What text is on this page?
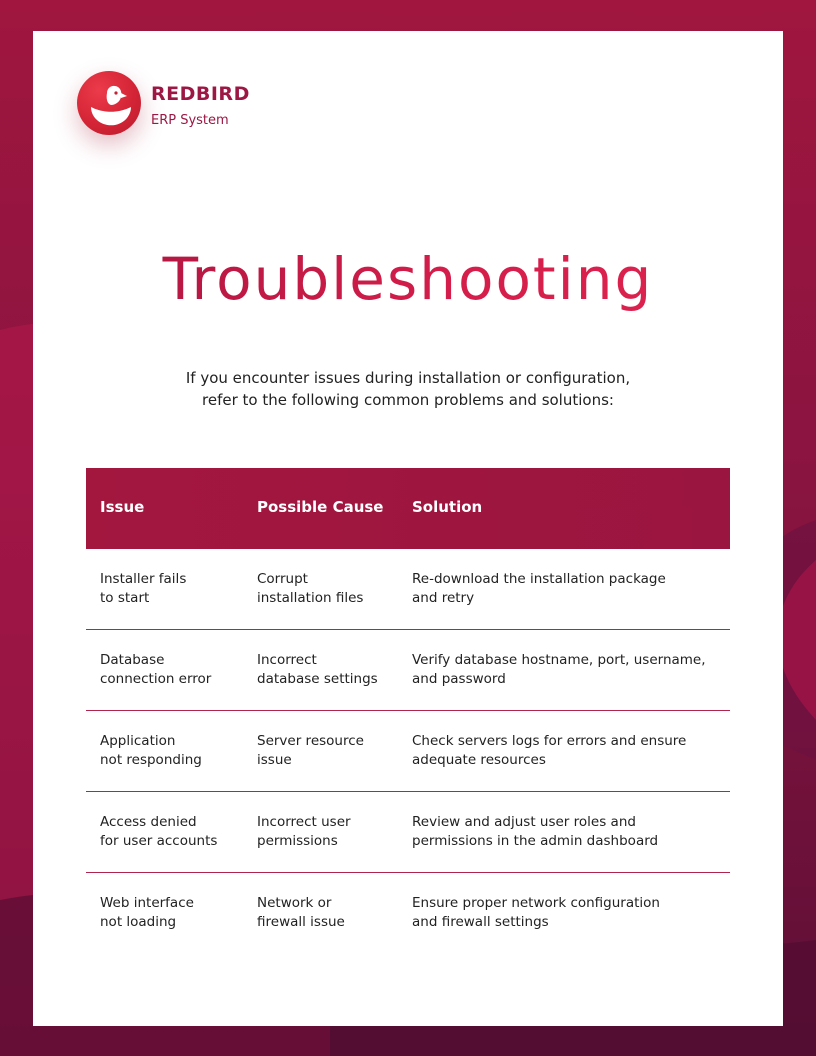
REDBIRD
ERP System
Troubleshooting
If you encounter issues during installation or configuration,
refer to the following common problems and solutions:
Issue	Possible Cause	Solution
Installer fails
to start
Corrupt
installation files
Re-download the installation package
and retry
Database
connection error
Incorrect
database settings
Verify database hostname, port, username,
and password
Application
not responding
Server resource
issue
Check servers logs for errors and ensure
adequate resources
Access denied
for user accounts
Incorrect user
permissions
Review and adjust user roles and
permissions in the admin dashboard
Web interface
not loading
Network or
firewall issue
Ensure proper network configuration
and firewall settings
